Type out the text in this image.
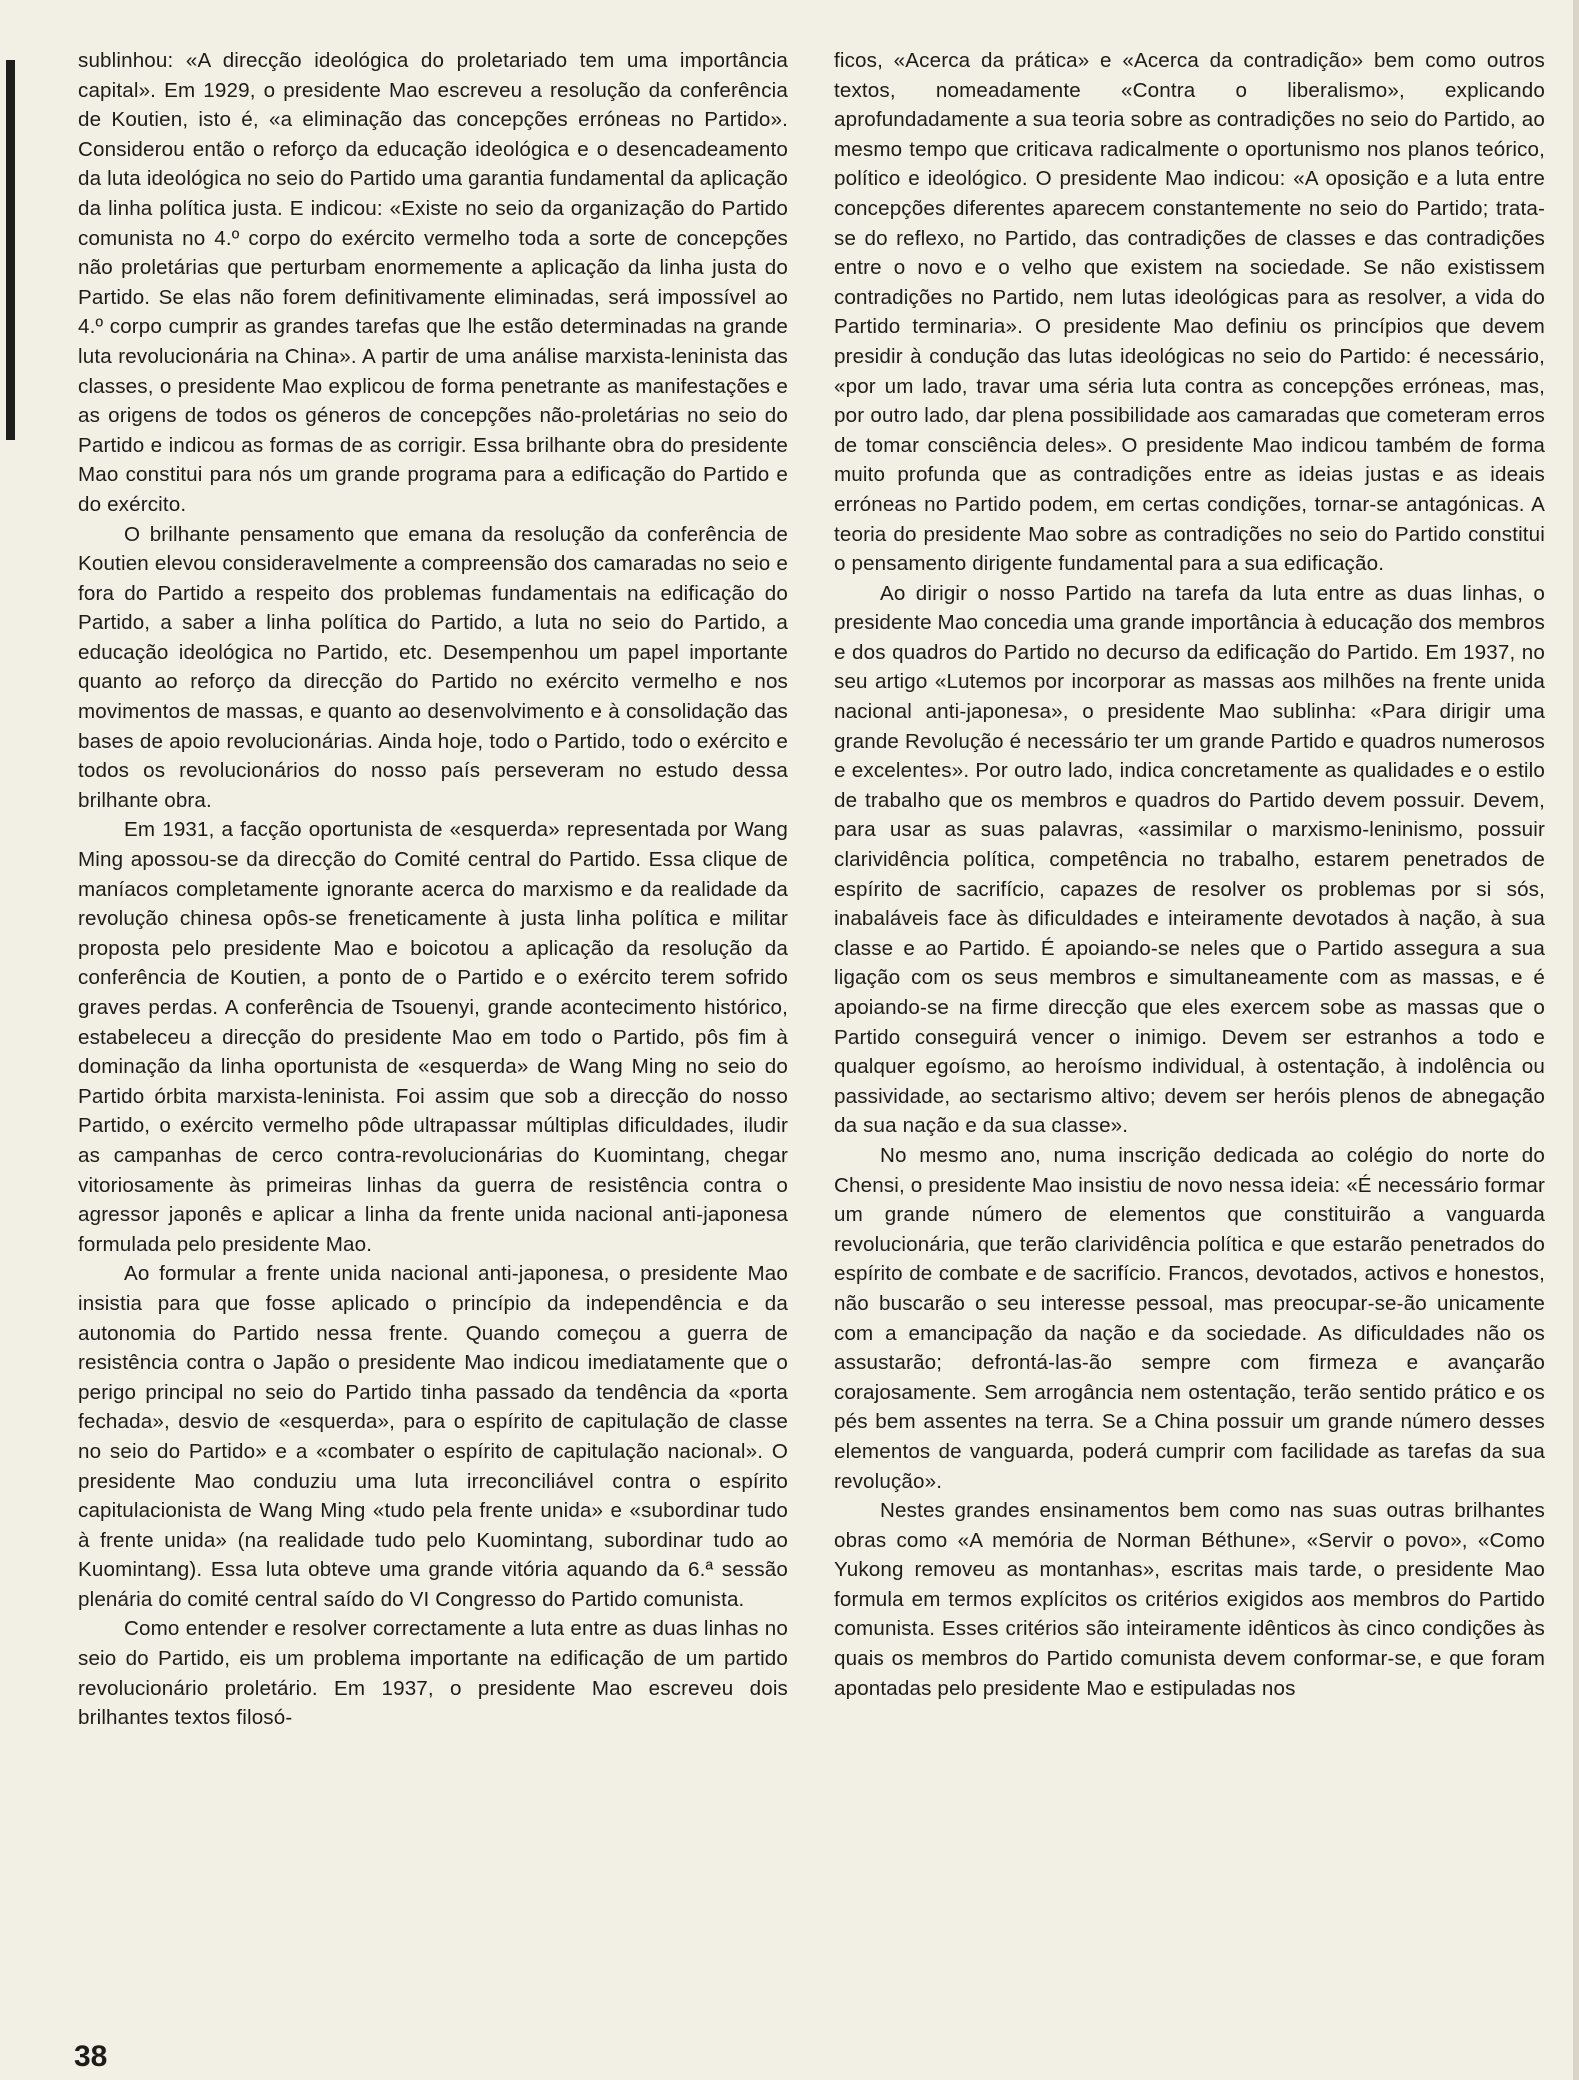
sublinhou: «A direcção ideológica do proletariado tem uma importância capital». Em 1929, o presidente Mao escreveu a resolução da conferência de Koutien, isto é, «a eliminação das concepções erróneas no Partido». Considerou então o reforço da educação ideológica e o desencadeamento da luta ideológica no seio do Partido uma garantia fundamental da aplicação da linha política justa. E indicou: «Existe no seio da organização do Partido comunista no 4.º corpo do exército vermelho toda a sorte de concepções não proletárias que perturbam enormemente a aplicação da linha justa do Partido. Se elas não forem definitivamente eliminadas, será impossível ao 4.º corpo cumprir as grandes tarefas que lhe estão determinadas na grande luta revolucionária na China». A partir de uma análise marxista-leninista das classes, o presidente Mao explicou de forma penetrante as manifestações e as origens de todos os géneros de concepções não-proletárias no seio do Partido e indicou as formas de as corrigir. Essa brilhante obra do presidente Mao constitui para nós um grande programa para a edificação do Partido e do exército.

O brilhante pensamento que emana da resolução da conferência de Koutien elevou consideravelmente a compreensão dos camaradas no seio e fora do Partido a respeito dos problemas fundamentais na edificação do Partido, a saber a linha política do Partido, a luta no seio do Partido, a educação ideológica no Partido, etc. Desempenhou um papel importante quanto ao reforço da direcção do Partido no exército vermelho e nos movimentos de massas, e quanto ao desenvolvimento e à consolidação das bases de apoio revolucionárias. Ainda hoje, todo o Partido, todo o exército e todos os revolucionários do nosso país perseveram no estudo dessa brilhante obra.

Em 1931, a facção oportunista de «esquerda» representada por Wang Ming apossou-se da direcção do Comité central do Partido. Essa clique de maníacos completamente ignorante acerca do marxismo e da realidade da revolução chinesa opôs-se freneticamente à justa linha política e militar proposta pelo presidente Mao e boicotou a aplicação da resolução da conferência de Koutien, a ponto de o Partido e o exército terem sofrido graves perdas. A conferência de Tsouenyi, grande acontecimento histórico, estabeleceu a direcção do presidente Mao em todo o Partido, pôs fim à dominação da linha oportunista de «esquerda» de Wang Ming no seio do Partido órbita marxista-leninista. Foi assim que sob a direcção do nosso Partido, o exército vermelho pôde ultrapassar múltiplas dificuldades, iludir as campanhas de cerco contra-revolucionárias do Kuomintang, chegar vitoriosamente às primeiras linhas da guerra de resistência contra o agressor japonês e aplicar a linha da frente unida nacional anti-japonesa formulada pelo presidente Mao.

Ao formular a frente unida nacional anti-japonesa, o presidente Mao insistia para que fosse aplicado o princípio da independência e da autonomia do Partido nessa frente. Quando começou a guerra de resistência contra o Japão o presidente Mao indicou imediatamente que o perigo principal no seio do Partido tinha passado da tendência da «porta fechada», desvio de «esquerda», para o espírito de capitulação de classe no seio do Partido» e a «combater o espírito de capitulação nacional». O presidente Mao conduziu uma luta irreconciliável contra o espírito capitulacionista de Wang Ming «tudo pela frente unida» e «subordinar tudo à frente unida» (na realidade tudo pelo Kuomintang, subordinar tudo ao Kuomintang). Essa luta obteve uma grande vitória aquando da 6.ª sessão plenária do comité central saído do VI Congresso do Partido comunista.

Como entender e resolver correctamente a luta entre as duas linhas no seio do Partido, eis um problema importante na edificação de um partido revolucionário proletário. Em 1937, o presidente Mao escreveu dois brilhantes textos filosó-

ficos, «Acerca da prática» e «Acerca da contradição» bem como outros textos, nomeadamente «Contra o liberalismo», explicando aprofundadamente a sua teoria sobre as contradições no seio do Partido, ao mesmo tempo que criticava radicalmente o oportunismo nos planos teórico, político e ideológico. O presidente Mao indicou: «A oposição e a luta entre concepções diferentes aparecem constantemente no seio do Partido; trata-se do reflexo, no Partido, das contradições de classes e das contradições entre o novo e o velho que existem na sociedade. Se não existissem contradições no Partido, nem lutas ideológicas para as resolver, a vida do Partido terminaria». O presidente Mao definiu os princípios que devem presidir à condução das lutas ideológicas no seio do Partido: é necessário, «por um lado, travar uma séria luta contra as concepções erróneas, mas, por outro lado, dar plena possibilidade aos camaradas que cometeram erros de tomar consciência deles». O presidente Mao indicou também de forma muito profunda que as contradições entre as ideias justas e as ideais erróneas no Partido podem, em certas condições, tornar-se antagónicas. A teoria do presidente Mao sobre as contradições no seio do Partido constitui o pensamento dirigente fundamental para a sua edificação.

Ao dirigir o nosso Partido na tarefa da luta entre as duas linhas, o presidente Mao concedia uma grande importância à educação dos membros e dos quadros do Partido no decurso da edificação do Partido. Em 1937, no seu artigo «Lutemos por incorporar as massas aos milhões na frente unida nacional anti-japonesa», o presidente Mao sublinha: «Para dirigir uma grande Revolução é necessário ter um grande Partido e quadros numerosos e excelentes». Por outro lado, indica concretamente as qualidades e o estilo de trabalho que os membros e quadros do Partido devem possuir. Devem, para usar as suas palavras, «assimilar o marxismo-leninismo, possuir clarividência política, competência no trabalho, estarem penetrados de espírito de sacrifício, capazes de resolver os problemas por si sós, inabaláveis face às dificuldades e inteiramente devotados à nação, à sua classe e ao Partido. É apoiando-se neles que o Partido assegura a sua ligação com os seus membros e simultaneamente com as massas, e é apoiando-se na firme direcção que eles exercem sobe as massas que o Partido conseguirá vencer o inimigo. Devem ser estranhos a todo e qualquer egoísmo, ao heroísmo individual, à ostentação, à indolência ou passividade, ao sectarismo altivo; devem ser heróis plenos de abnegação da sua nação e da sua classe».

No mesmo ano, numa inscrição dedicada ao colégio do norte do Chensi, o presidente Mao insistiu de novo nessa ideia: «É necessário formar um grande número de elementos que constituirão a vanguarda revolucionária, que terão clarividência política e que estarão penetrados do espírito de combate e de sacrifício. Francos, devotados, activos e honestos, não buscarão o seu interesse pessoal, mas preocupar-se-ão unicamente com a emancipação da nação e da sociedade. As dificuldades não os assustarão; defrontá-las-ão sempre com firmeza e avançarão corajosamente. Sem arrogância nem ostentação, terão sentido prático e os pés bem assentes na terra. Se a China possuir um grande número desses elementos de vanguarda, poderá cumprir com facilidade as tarefas da sua revolução».

Nestes grandes ensinamentos bem como nas suas outras brilhantes obras como «A memória de Norman Béthune», «Servir o povo», «Como Yukong removeu as montanhas», escritas mais tarde, o presidente Mao formula em termos explícitos os critérios exigidos aos membros do Partido comunista. Esses critérios são inteiramente idênticos às cinco condições às quais os membros do Partido comunista devem conformar-se, e que foram apontadas pelo presidente Mao e estipuladas nos

38
